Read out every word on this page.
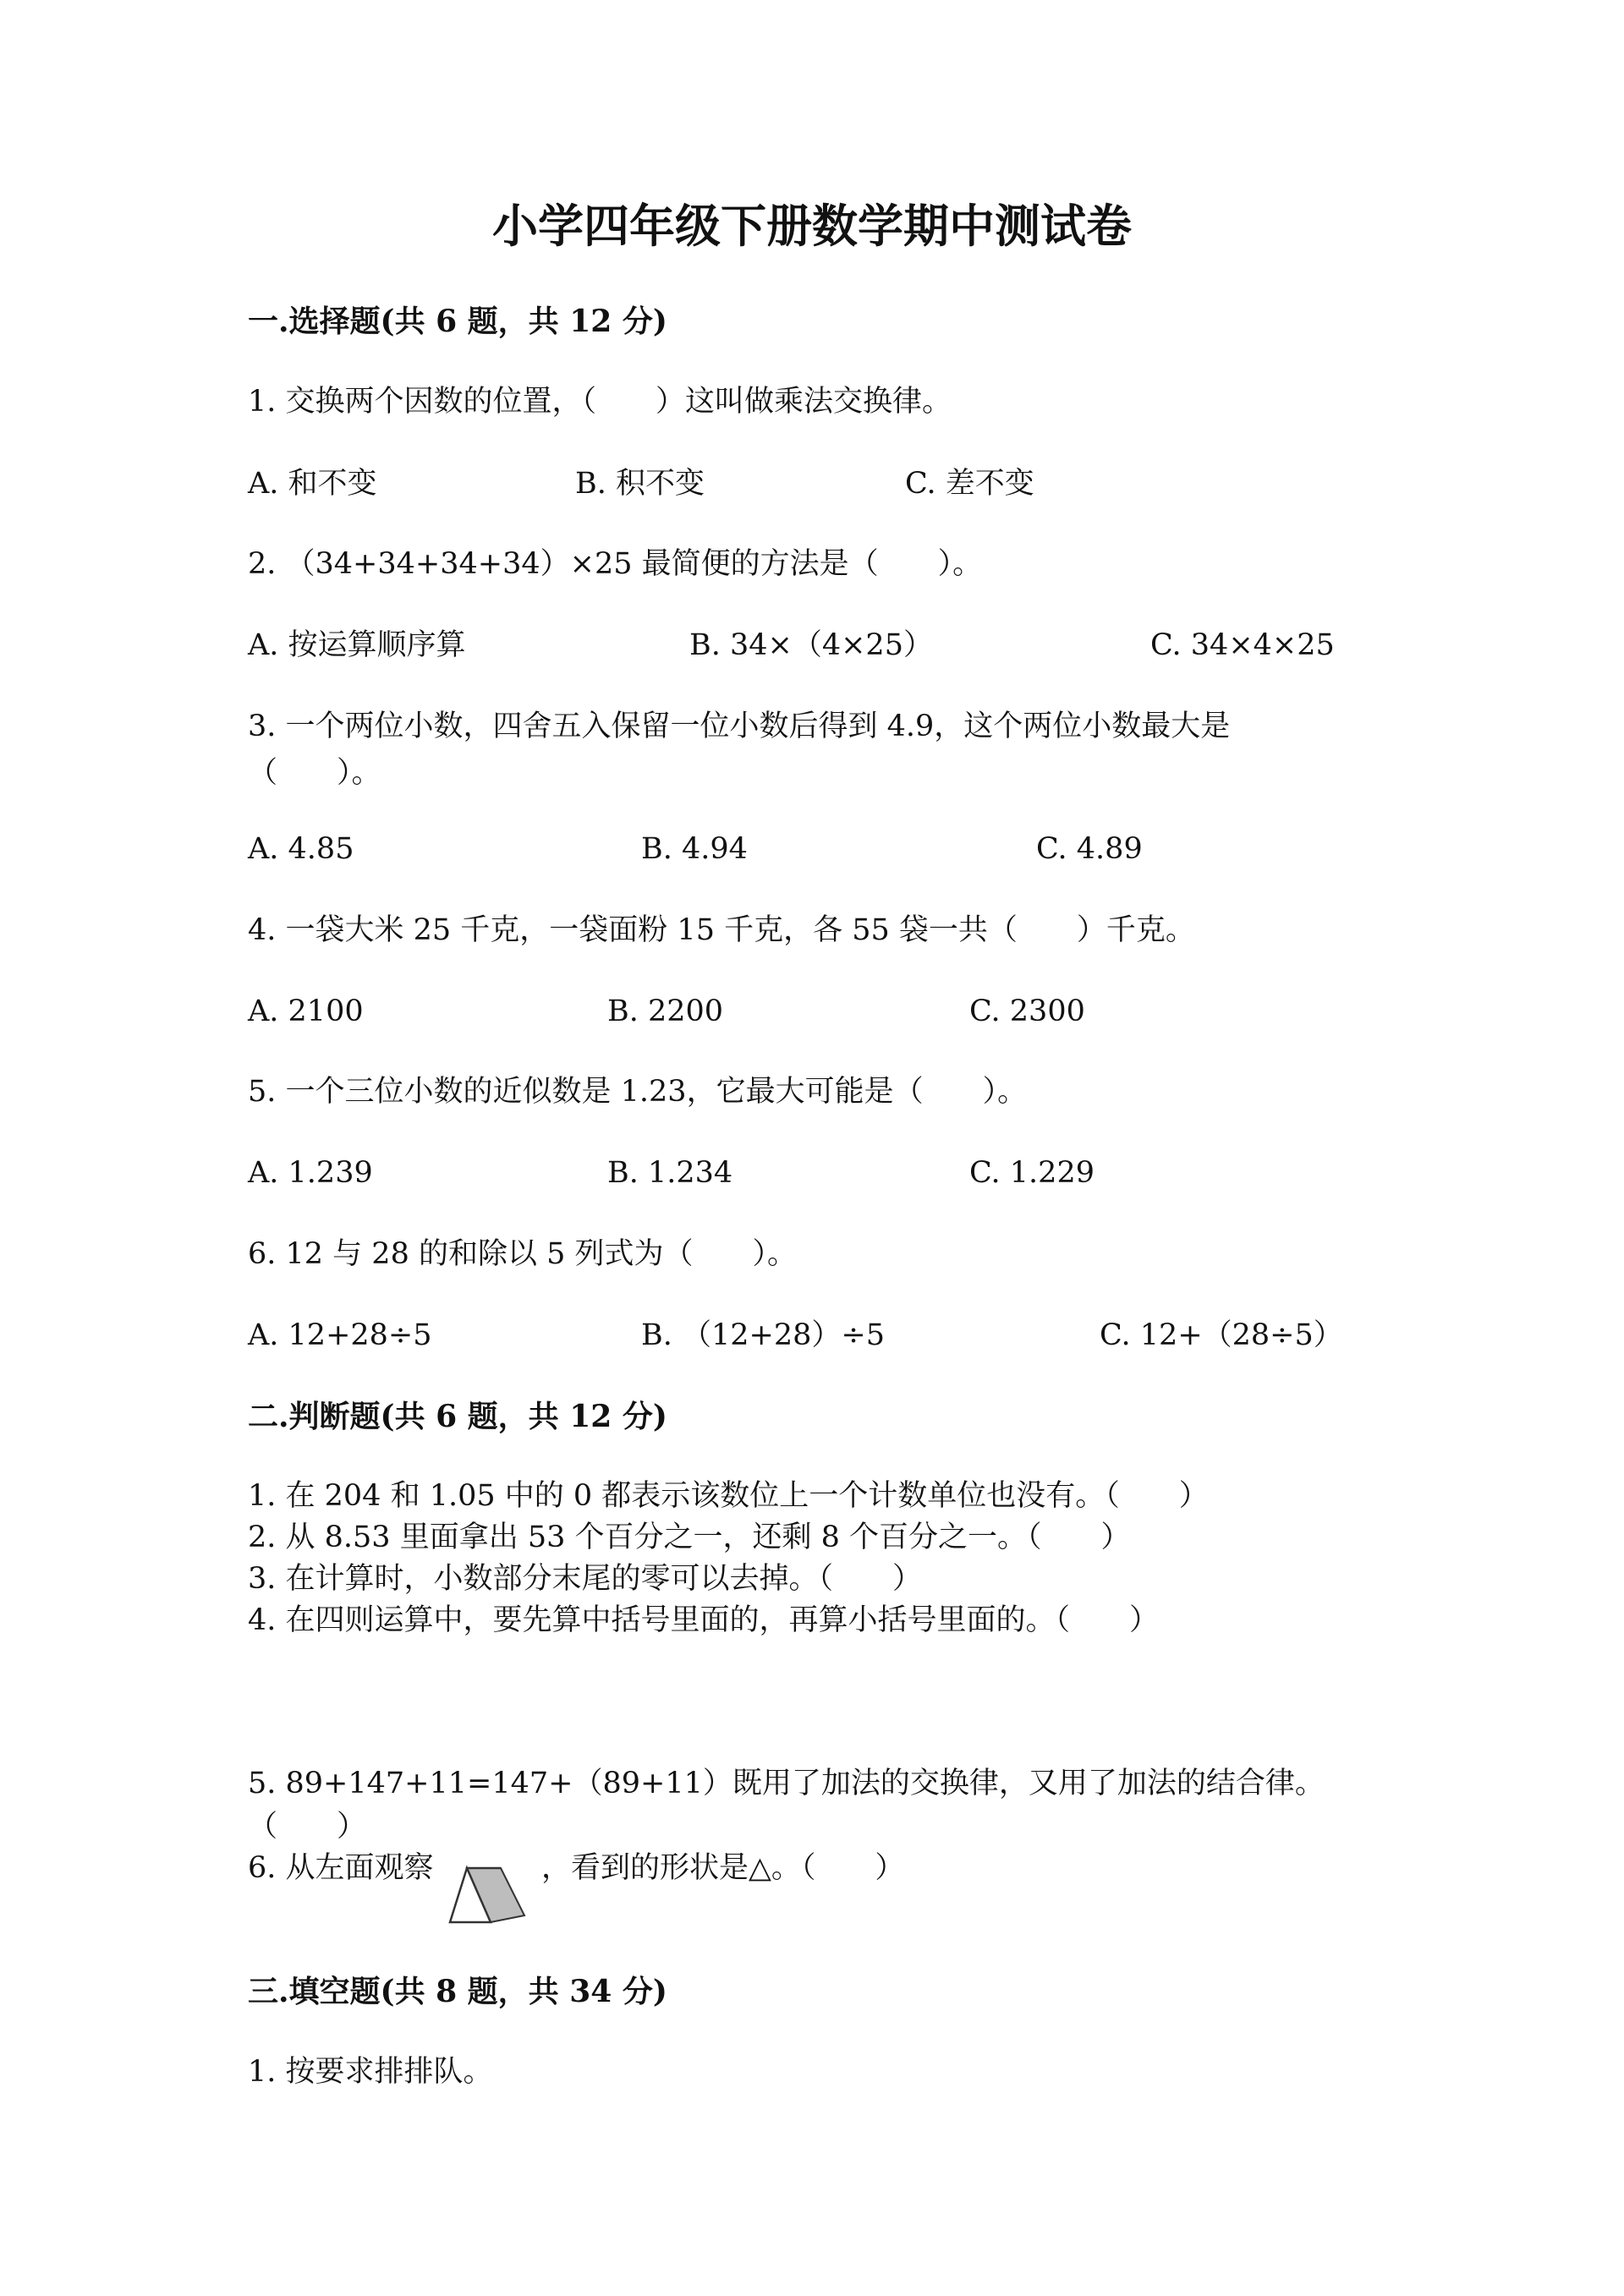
小学四年级下册数学期中测试卷
一.选择题(共 6 题，共 12 分)
1. 交换两个因数的位置，（　　）这叫做乘法交换律。
A. 和不变	B. 积不变	C. 差不变
2. （34+34+34+34）×25 最简便的方法是（　　）。
A. 按运算顺序算	B. 34×（4×25）	C. 34×4×25
3. 一个两位小数，四舍五入保留一位小数后得到 4.9，这个两位小数最大是
（　　）。
A. 4.85	B. 4.94	C. 4.89
4. 一袋大米 25 千克，一袋面粉 15 千克，各 55 袋一共（　　）千克。
A. 2100	B. 2200	C. 2300
5. 一个三位小数的近似数是 1.23，它最大可能是（　　）。
A. 1.239	B. 1.234	C. 1.229
6. 12 与 28 的和除以 5 列式为（　　）。
A. 12+28÷5	B. （12+28）÷5	C. 12+（28÷5）
二.判断题(共 6 题，共 12 分)
1. 在 204 和 1.05 中的 0 都表示该数位上一个计数单位也没有。（　　）
2. 从 8.53 里面拿出 53 个百分之一，还剩 8 个百分之一。（　　）
3. 在计算时，小数部分末尾的零可以去掉。（　　）
4. 在四则运算中，要先算中括号里面的，再算小括号里面的。（　　）
5. 89+147+11=147+（89+11）既用了加法的交换律，又用了加法的结合律。
（　　）
6. 从左面观察	，看到的形状是△。（　　）
三.填空题(共 8 题，共 34 分)
1. 按要求排排队。
